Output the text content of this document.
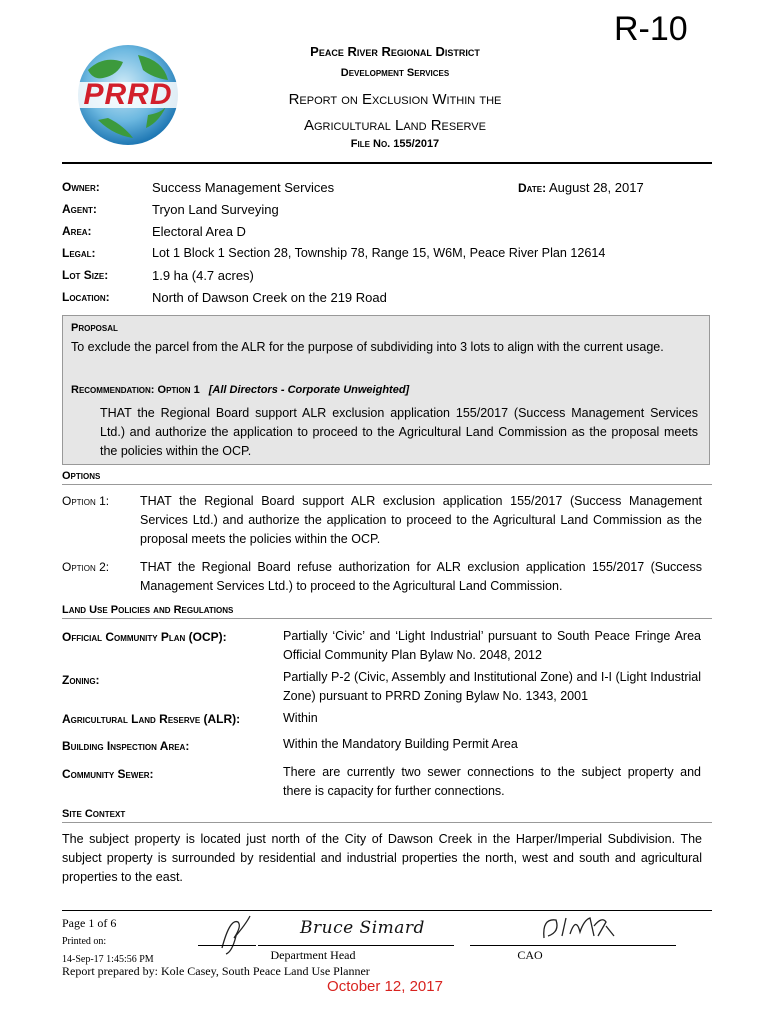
R-10
PRRD
Peace River Regional District
Development Services
Report on Exclusion Within the
Agricultural Land Reserve
File No. 155/2017
Owner:	Success Management Services	Date: August 28, 2017
Agent:	Tryon Land Surveying
Area:	Electoral Area D
Legal:	Lot 1 Block 1 Section 28, Township 78, Range 15, W6M, Peace River Plan 12614
Lot Size:	1.9 ha (4.7 acres)
Location:	North of Dawson Creek on the 219 Road
Proposal
To exclude the parcel from the ALR for the purpose of subdividing into 3 lots to align with the current usage.
Recommendation: Option 1 [All Directors - Corporate Unweighted]
THAT the Regional Board support ALR exclusion application 155/2017 (Success Management Services Ltd.) and authorize the application to proceed to the Agricultural Land Commission as the proposal meets the policies within the OCP.
Options
Option 1: THAT the Regional Board support ALR exclusion application 155/2017 (Success Management Services Ltd.) and authorize the application to proceed to the Agricultural Land Commission as the proposal meets the policies within the OCP.
Option 2: THAT the Regional Board refuse authorization for ALR exclusion application 155/2017 (Success Management Services Ltd.) to proceed to the Agricultural Land Commission.
Land Use Policies and Regulations
Official Community Plan (OCP):	Partially ‘Civic’ and ‘Light Industrial’ pursuant to South Peace Fringe Area Official Community Plan Bylaw No. 2048, 2012
Zoning:	Partially P-2 (Civic, Assembly and Institutional Zone) and I-I (Light Industrial Zone) pursuant to PRRD Zoning Bylaw No. 1343, 2001
Agricultural Land Reserve (ALR):	Within
Building Inspection Area:	Within the Mandatory Building Permit Area
Community Sewer:	There are currently two sewer connections to the subject property and there is capacity for further connections.
Site Context
The subject property is located just north of the City of Dawson Creek in the Harper/Imperial Subdivision. The subject property is surrounded by residential and industrial properties the north, west and south and agricultural properties to the east.
Page 1 of 6
Printed on:
14-Sep-17 1:45:56 PM
Bruce Simard
Department Head	CAO
Report prepared by: Kole Casey, South Peace Land Use Planner
October 12, 2017
